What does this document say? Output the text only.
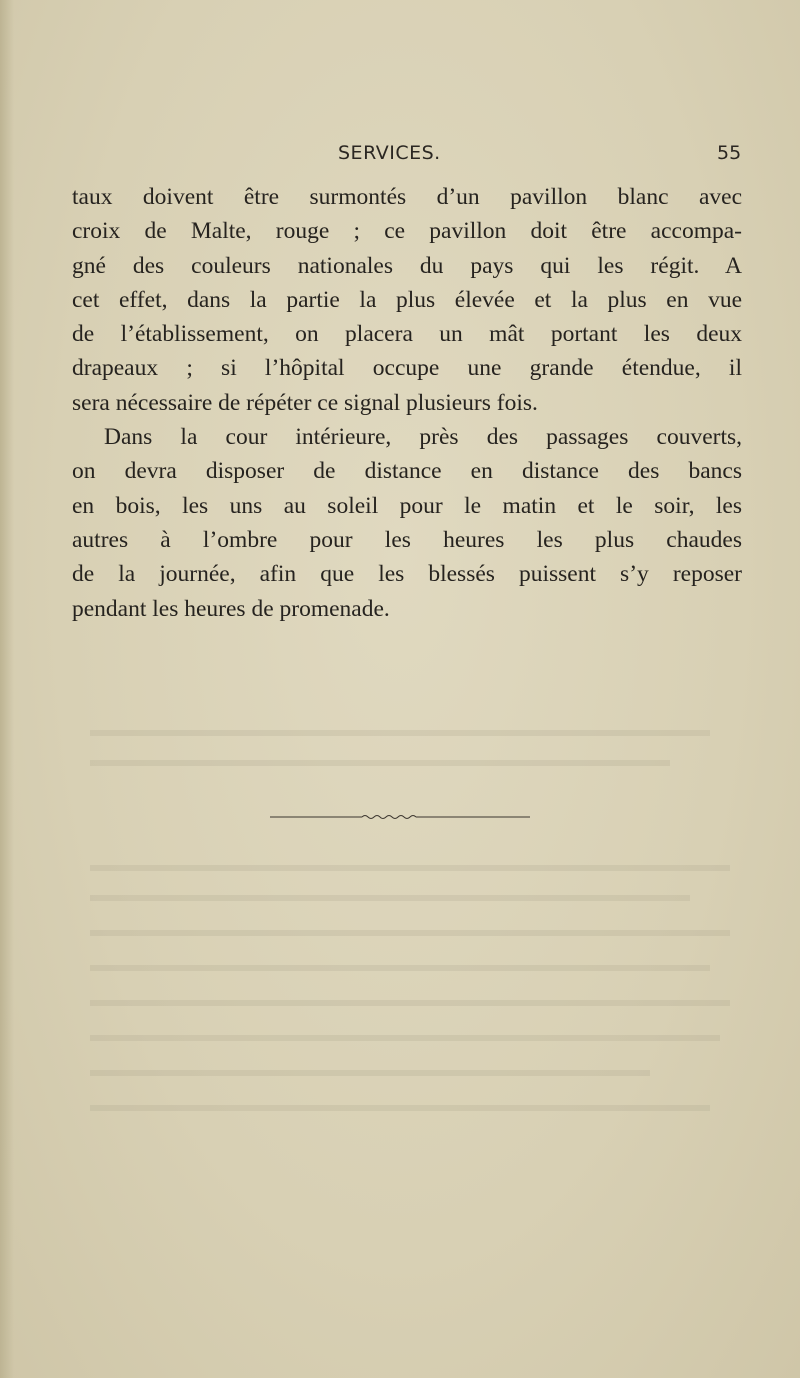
SERVICES.	55
taux doivent être surmontés d’un pavillon blanc avec
croix de Malte, rouge ; ce pavillon doit être accompa-
gné des couleurs nationales du pays qui les régit. A
cet effet, dans la partie la plus élevée et la plus en vue
de l’établissement, on placera un mât portant les deux
drapeaux ; si l’hôpital occupe une grande étendue, il
sera nécessaire de répéter ce signal plusieurs fois.
Dans la cour intérieure, près des passages couverts,
on devra disposer de distance en distance des bancs
en bois, les uns au soleil pour le matin et le soir, les
autres à l’ombre pour les heures les plus chaudes
de la journée, afin que les blessés puissent s’y reposer
pendant les heures de promenade.
